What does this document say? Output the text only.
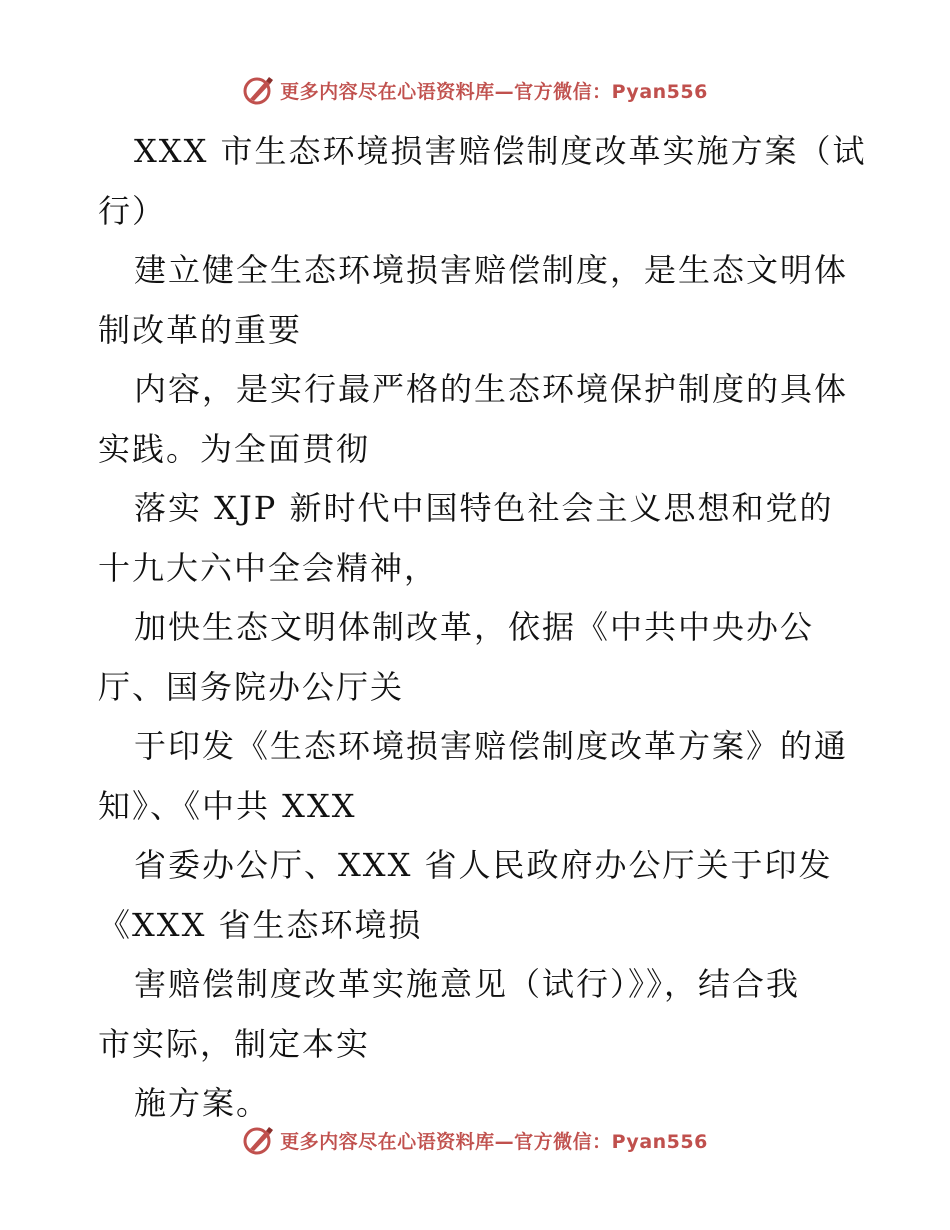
更多内容尽在心语资料库—官方微信：Pyan556
XXX 市生态环境损害赔偿制度改革实施方案（试
行）
建立健全生态环境损害赔偿制度，是生态文明体
制改革的重要
内容，是实行最严格的生态环境保护制度的具体
实践。为全面贯彻
落实 XJP 新时代中国特色社会主义思想和党的
十九大六中全会精神，
加快生态文明体制改革，依据《中共中央办公
厅、国务院办公厅关
于印发《生态环境损害赔偿制度改革方案》的通
知》、《中共 XXX
省委办公厅、XXX 省人民政府办公厅关于印发
《XXX 省生态环境损
害赔偿制度改革实施意见（试行）》》，结合我
市实际，制定本实
施方案。
更多内容尽在心语资料库—官方微信：Pyan556
